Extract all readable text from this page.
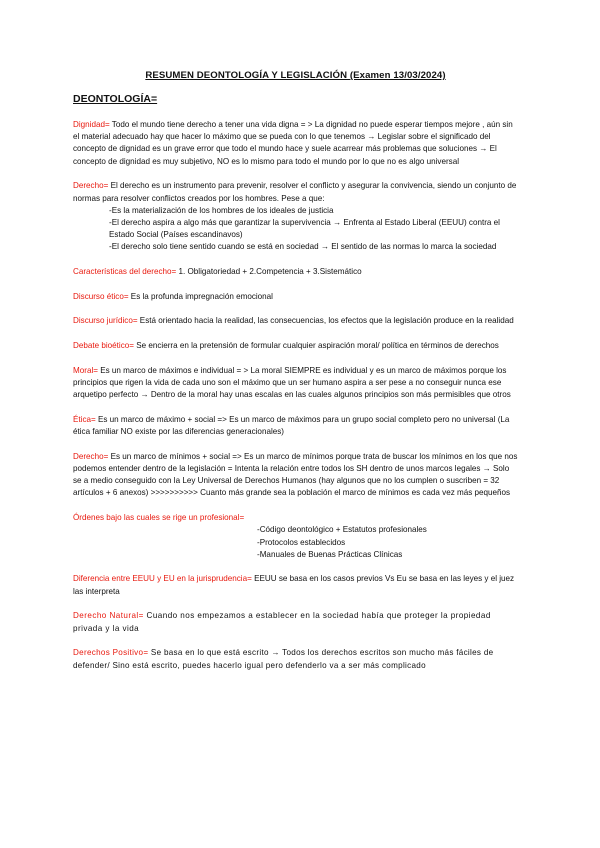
RESUMEN DEONTOLOGÍA Y LEGISLACIÓN (Examen 13/03/2024)
DEONTOLOGÍA=
Dignidad= Todo el mundo tiene derecho a tener una vida digna = > La dignidad no puede esperar tiempos mejore , aún sin el material adecuado hay que hacer lo máximo que se pueda con lo que tenemos → Legislar sobre el significado del concepto de dignidad es un grave error que todo el mundo hace y suele acarrear más problemas que soluciones → El concepto de dignidad es muy subjetivo, NO es lo mismo para todo el mundo por lo que no es algo universal
Derecho= El derecho es un instrumento para prevenir, resolver el conflicto y asegurar la convivencia, siendo un conjunto de normas para resolver conflictos creados por los hombres. Pese a que:
-Es la materialización de los hombres de los ideales de justicia
-El derecho aspira a algo más que garantizar la supervivencia → Enfrenta al Estado Liberal (EEUU) contra el Estado Social (Países escandinavos)
-El derecho solo tiene sentido cuando se está en sociedad → El sentido de las normas lo marca la sociedad
Características del derecho= 1. Obligatoriedad + 2.Competencia + 3.Sistemático
Discurso ético= Es la profunda impregnación emocional
Discurso jurídico= Está orientado hacia la realidad, las consecuencias, los efectos que la legislación produce en la realidad
Debate bioético= Se encierra en la pretensión de formular cualquier aspiración moral/ política en términos de derechos
Moral= Es un marco de máximos e individual = > La moral SIEMPRE es individual y es un marco de máximos porque los principios que rigen la vida de cada uno son el máximo que un ser humano aspira a ser pese a no conseguir nunca ese arquetipo perfecto → Dentro de la moral hay unas escalas en las cuales algunos principios son más permisibles que otros
Ética= Es un marco de máximo + social => Es un marco de máximos para un grupo social completo pero no universal (La ética familiar NO existe por las diferencias generacionales)
Derecho= Es un marco de mínimos + social => Es un marco de mínimos porque trata de buscar los mínimos en los que nos podemos entender dentro de la legislación = Intenta la relación entre todos los SH dentro de unos marcos legales → Solo se a medio conseguido con la Ley Universal de Derechos Humanos (hay algunos que no los cumplen o suscriben = 32 artículos + 6 anexos) >>>>>>>>>> Cuanto más grande sea la población el marco de mínimos es cada vez más pequeños
Órdenes bajo las cuales se rige un profesional=
-Código deontológico + Estatutos profesionales
-Protocolos establecidos
-Manuales de Buenas Prácticas Clínicas
Diferencia entre EEUU y EU en la jurisprudencia= EEUU se basa en los casos previos Vs Eu se basa en las leyes y el juez las interpreta
Derecho Natural= Cuando nos empezamos a establecer en la sociedad había que proteger la propiedad privada y la vida
Derechos Positivo= Se basa en lo que está escrito → Todos los derechos escritos son mucho más fáciles de defender/ Sino está escrito, puedes hacerlo igual pero defenderlo va a ser más complicado
